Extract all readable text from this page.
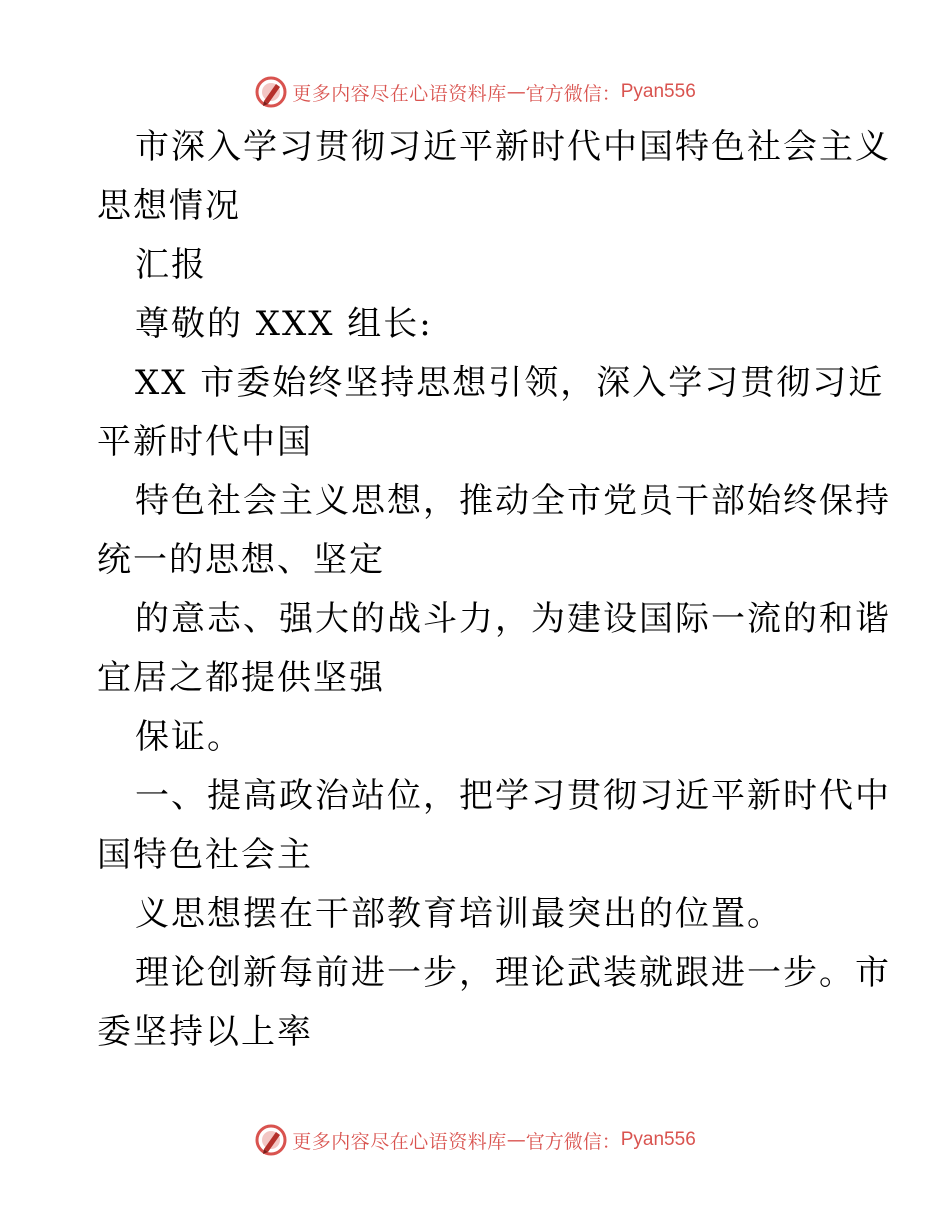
更多内容尽在心语资料库 — 官方微信： Pyan556
市深入学习贯彻习近平新时代中国特色社会主义
思想情况
汇报
尊敬的 XXX 组长:
XX 市委始终坚持思想引领，深入学习贯彻习近
平新时代中国
特色社会主义思想，推动全市党员干部始终保持
统一的思想、坚定
的意志、强大的战斗力，为建设国际一流的和谐
宜居之都提供坚强
保证。
一、提高政治站位，把学习贯彻习近平新时代中
国特色社会主
义思想摆在干部教育培训最突出的位置。
理论创新每前进一步，理论武装就跟进一步。市
委坚持以上率
更多内容尽在心语资料库 — 官方微信： Pyan556
